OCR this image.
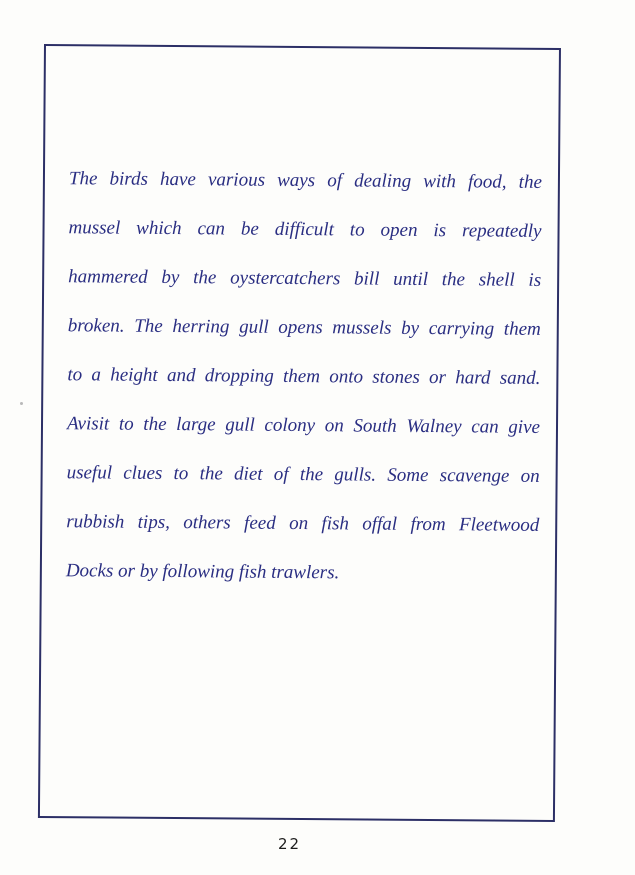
The birds have various ways of dealing with food, the
mussel which can be difficult to open is repeatedly
hammered by the oystercatchers bill until the shell is
broken. The herring gull opens mussels by carrying them
to a height and dropping them onto stones or hard sand.
Avisit to the large gull colony on South Walney can give
useful clues to the diet of the gulls. Some scavenge on
rubbish tips, others feed on fish offal from Fleetwood
Docks or by following fish trawlers.
22
